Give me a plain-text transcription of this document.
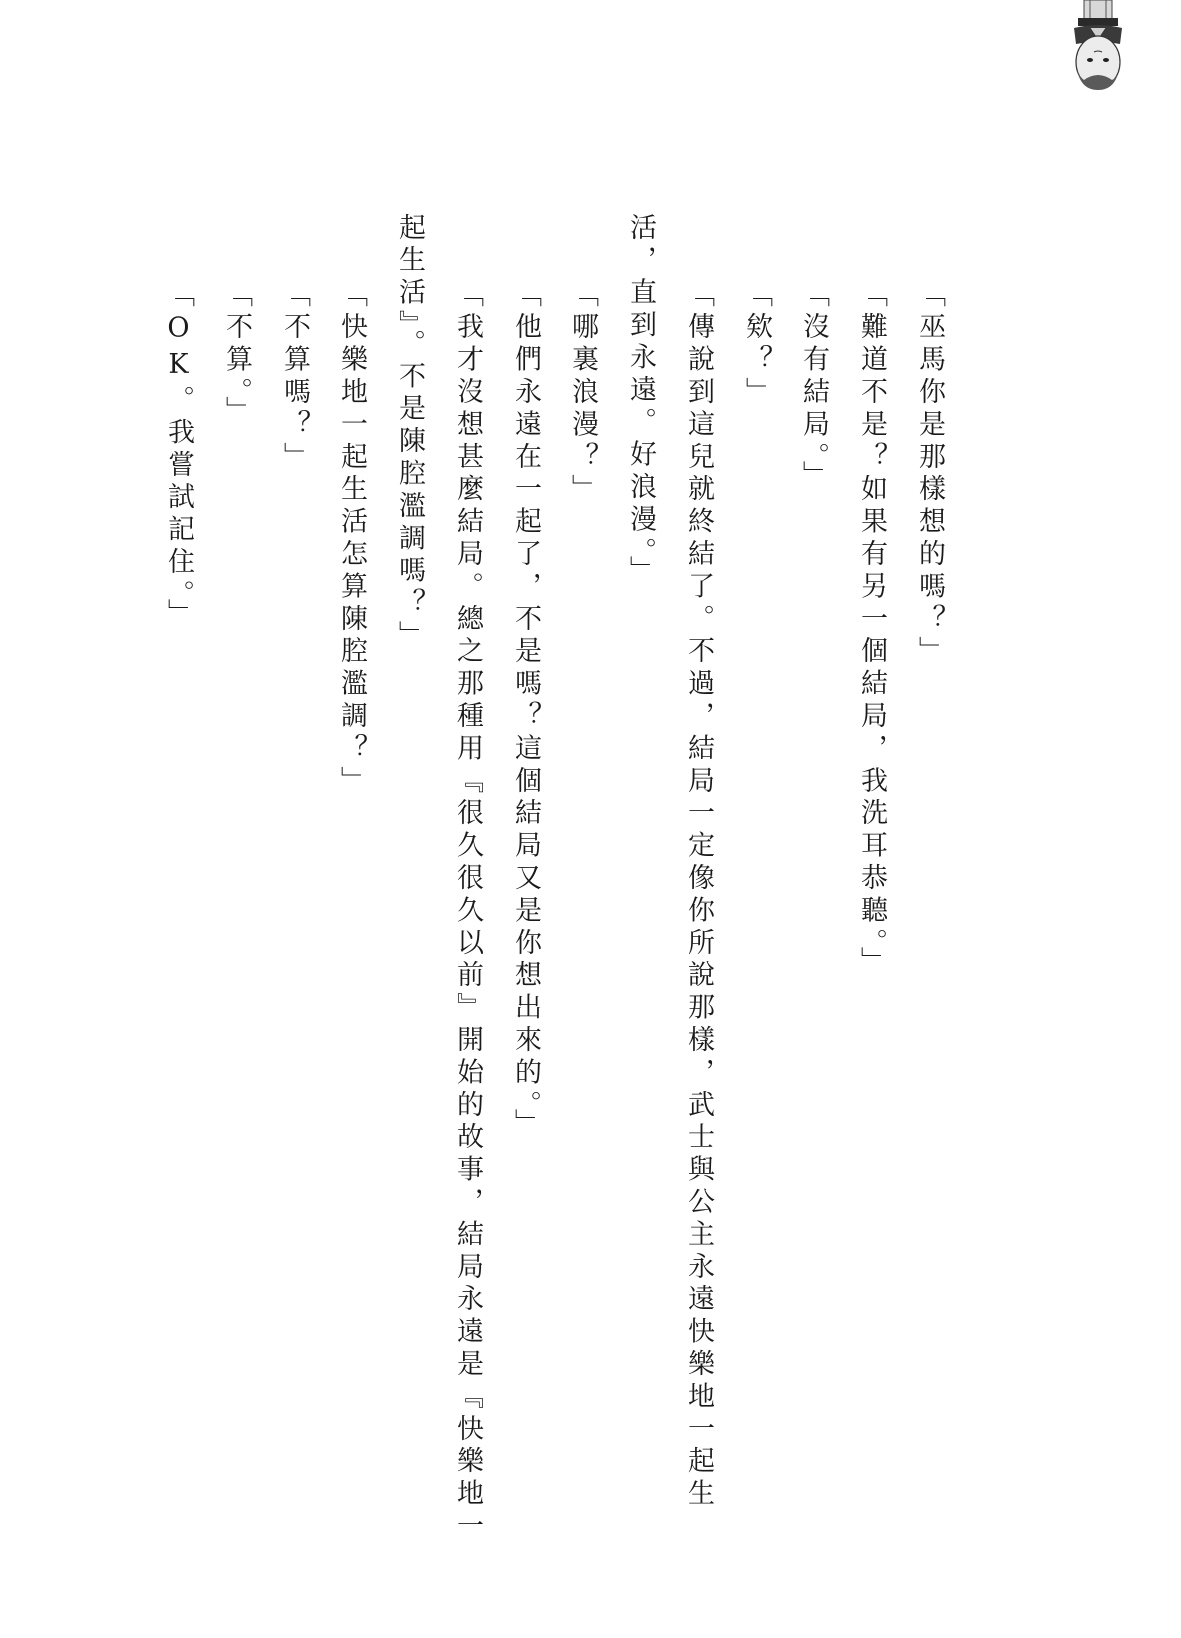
「巫馬你是那樣想的嗎？」
「難道不是？如果有另一個結局，我洗耳恭聽。」
「沒有結局。」
「欸？」
「傳說到這兒就終結了。不過，結局一定像你所說那樣，武士與公主永遠快樂地一起生
活，直到永遠。好浪漫。」
「哪裏浪漫？」
「他們永遠在一起了，不是嗎？這個結局又是你想出來的。」
「我才沒想甚麼結局。總之那種用『很久很久以前』開始的故事，結局永遠是『快樂地一
起生活』。不是陳腔濫調嗎？」
「快樂地一起生活怎算陳腔濫調？」
「不算嗎？」
「不算。」
「OK。我嘗試記住。」
